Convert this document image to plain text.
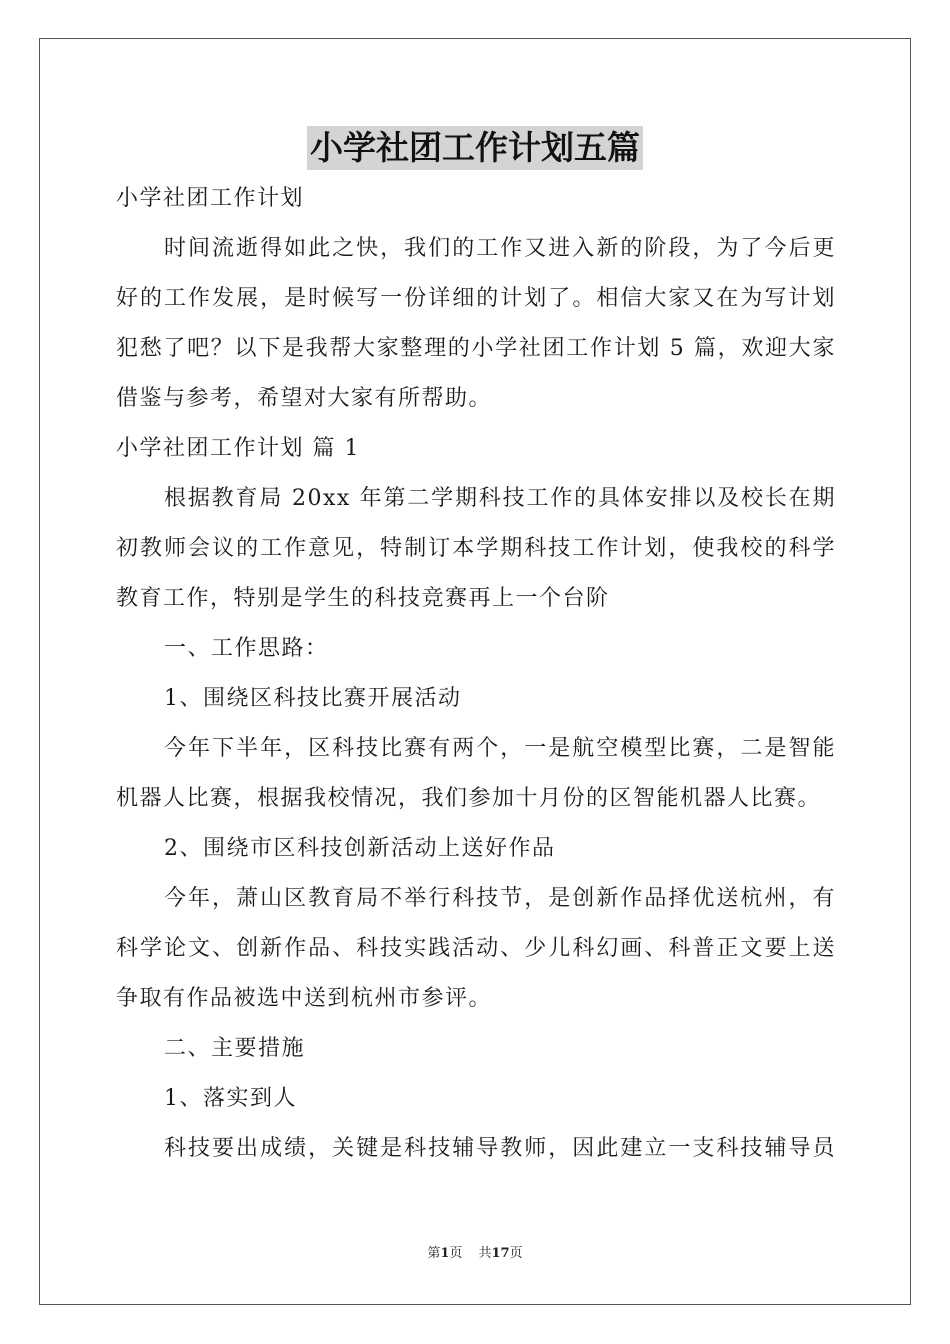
小学社团工作计划五篇
小学社团工作计划
时间流逝得如此之快，我们的工作又进入新的阶段，为了今后更
好的工作发展，是时候写一份详细的计划了。相信大家又在为写计划
犯愁了吧？以下是我帮大家整理的小学社团工作计划 5 篇，欢迎大家
借鉴与参考，希望对大家有所帮助。
小学社团工作计划 篇 1
根据教育局 20xx 年第二学期科技工作的具体安排以及校长在期
初教师会议的工作意见，特制订本学期科技工作计划，使我校的科学
教育工作，特别是学生的科技竞赛再上一个台阶
一、工作思路：
1、围绕区科技比赛开展活动
今年下半年，区科技比赛有两个，一是航空模型比赛，二是智能
机器人比赛，根据我校情况，我们参加十月份的区智能机器人比赛。
2、围绕市区科技创新活动上送好作品
今年，萧山区教育局不举行科技节，是创新作品择优送杭州，有
科学论文、创新作品、科技实践活动、少儿科幻画、科普正文要上送
争取有作品被选中送到杭州市参评。
二、主要措施
1、落实到人
科技要出成绩，关键是科技辅导教师，因此建立一支科技辅导员
第1页 共17页
